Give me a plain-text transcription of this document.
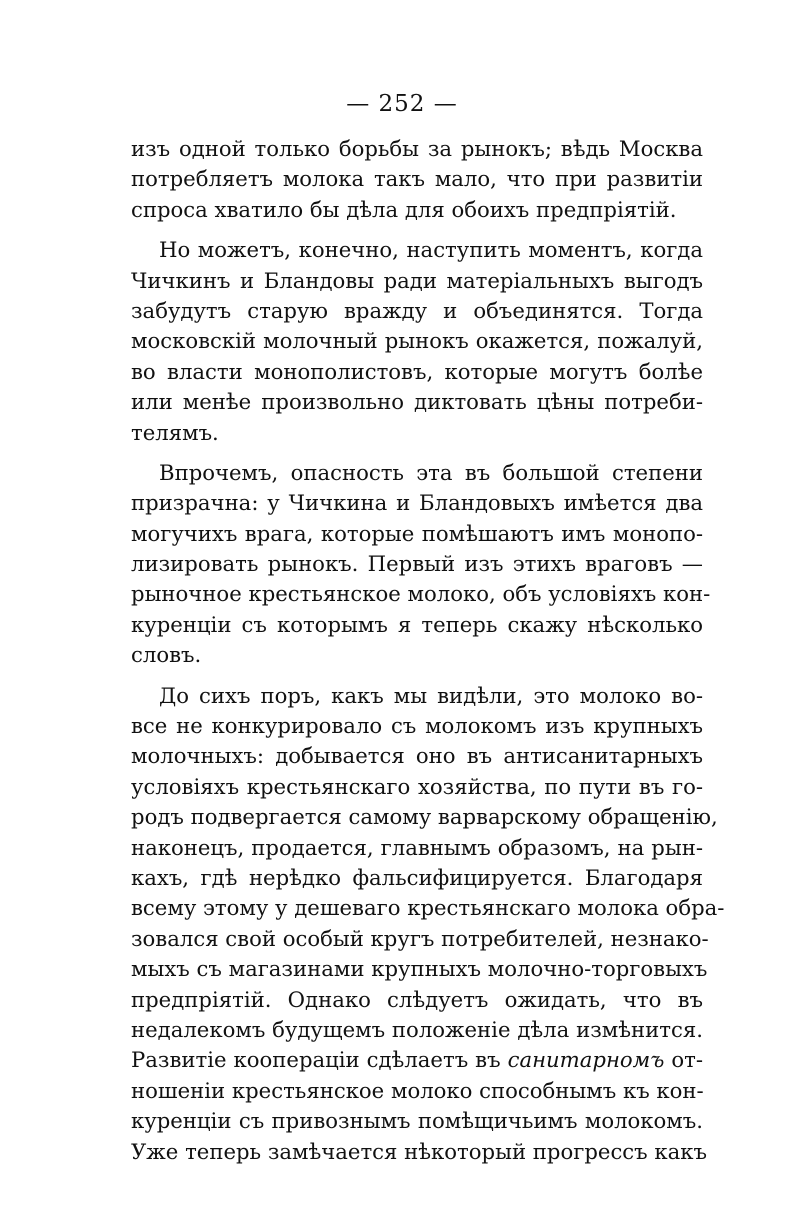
— 252 —
изъ одной только борьбы за рынокъ; вѣдь Москва
потребляетъ молока такъ мало, что при развитіи
спроса хватило бы дѣла для обоихъ предпріятій.
Но можетъ, конечно, наступить моментъ, когда
Чичкинъ и Бландовы ради матеріальныхъ выгодъ
забудутъ старую вражду и объединятся. Тогда
московскій молочный рынокъ окажется, пожалуй,
во власти монополистовъ, которые могутъ болѣе
или менѣе произвольно диктовать цѣны потреби-
телямъ.
Впрочемъ, опасность эта въ большой степени
призрачна: у Чичкина и Бландовыхъ имѣется два
могучихъ врага, которые помѣшаютъ имъ монопо-
лизировать рынокъ. Первый изъ этихъ враговъ —
рыночное крестьянское молоко, объ условіяхъ кон-
куренціи съ которымъ я теперь скажу нѣсколько
словъ.
До сихъ поръ, какъ мы видѣли, это молоко во-
все не конкурировало съ молокомъ изъ крупныхъ
молочныхъ: добывается оно въ антисанитарныхъ
условіяхъ крестьянскаго хозяйства, по пути въ го-
родъ подвергается самому варварскому обращенію,
наконецъ, продается, главнымъ образомъ, на рын-
кахъ, гдѣ нерѣдко фальсифицируется. Благодаря
всему этому у дешеваго крестьянскаго молока обра-
зовался свой особый кругъ потребителей, незнако-
мыхъ съ магазинами крупныхъ молочно-торговыхъ
предпріятій. Однако слѣдуетъ ожидать, что въ
недалекомъ будущемъ положеніе дѣла измѣнится.
Развитіе коопераціи сдѣлаетъ въ санитарномъ от-
ношеніи крестьянское молоко способнымъ къ кон-
куренціи съ привознымъ помѣщичьимъ молокомъ.
Уже теперь замѣчается нѣкоторый прогрессъ какъ
